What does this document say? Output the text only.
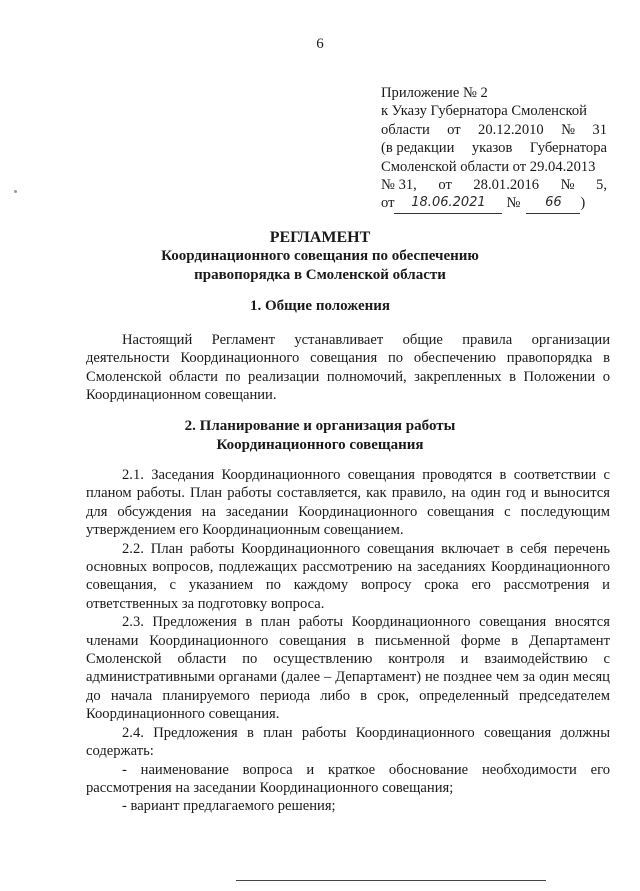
6
Приложение № 2
к Указу Губернатора Смоленской
области от 20.12.2010 № 31
(в редакции указов Губернатора
Смоленской области от 29.04.2013
№ 31, от 28.01.2016 № 5,
от	18.06.2021	№	66	)
РЕГЛАМЕНТ
Координационного совещания по обеспечению
правопорядка в Смоленской области
1. Общие положения

Настоящий Регламент устанавливает общие правила организации деятельности Координационного совещания по обеспечению правопорядка в Смоленской области по реализации полномочий, закрепленных в Положении о Координационном совещании.

2. Планирование и организация работы
Координационного совещания

2.1. Заседания Координационного совещания проводятся в соответствии с планом работы. План работы составляется, как правило, на один год и выносится для обсуждения на заседании Координационного совещания с последующим утверждением его Координационным совещанием.

2.2. План работы Координационного совещания включает в себя перечень основных вопросов, подлежащих рассмотрению на заседаниях Координационного совещания, с указанием по каждому вопросу срока его рассмотрения и ответственных за подготовку вопроса.

2.3. Предложения в план работы Координационного совещания вносятся членами Координационного совещания в письменной форме в Департамент Смоленской области по осуществлению контроля и взаимодействию с административными органами (далее – Департамент) не позднее чем за один месяц до начала планируемого периода либо в срок, определенный председателем Координационного совещания.

2.4. Предложения в план работы Координационного совещания должны содержать:

- наименование вопроса и краткое обоснование необходимости его рассмотрения на заседании Координационного совещания;

- вариант предлагаемого решения;
